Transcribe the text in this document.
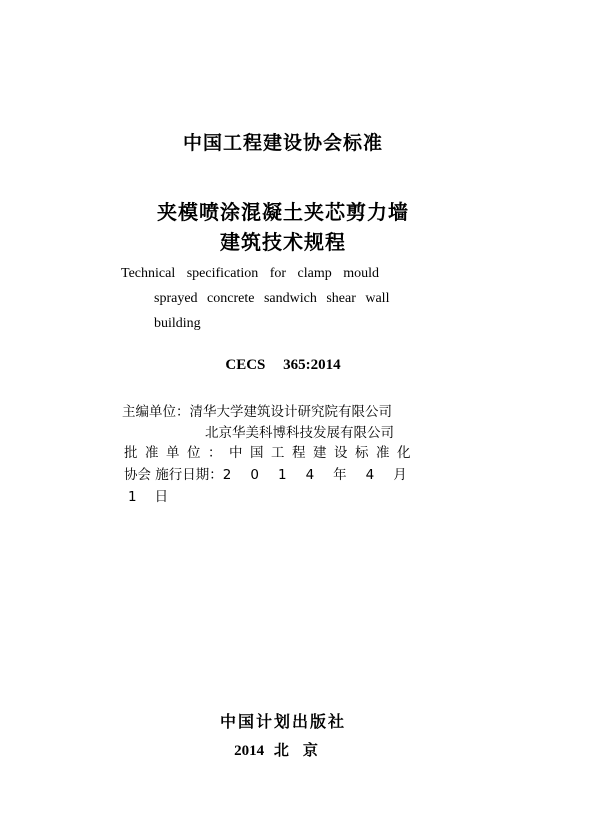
中国工程建设协会标准
夹模喷涂混凝土夹芯剪力墙
建筑技术规程
Technical specification for clamp mould
sprayed concrete sandwich shear wall
building
CECS 365:2014
主编单位：清华大学建筑设计研究院有限公司
北京华美科博科技发展有限公司
批准单位：中国工程建设标准化
协会 施行日期：2014年4月
1日
中国计划出版社
2014 北京
